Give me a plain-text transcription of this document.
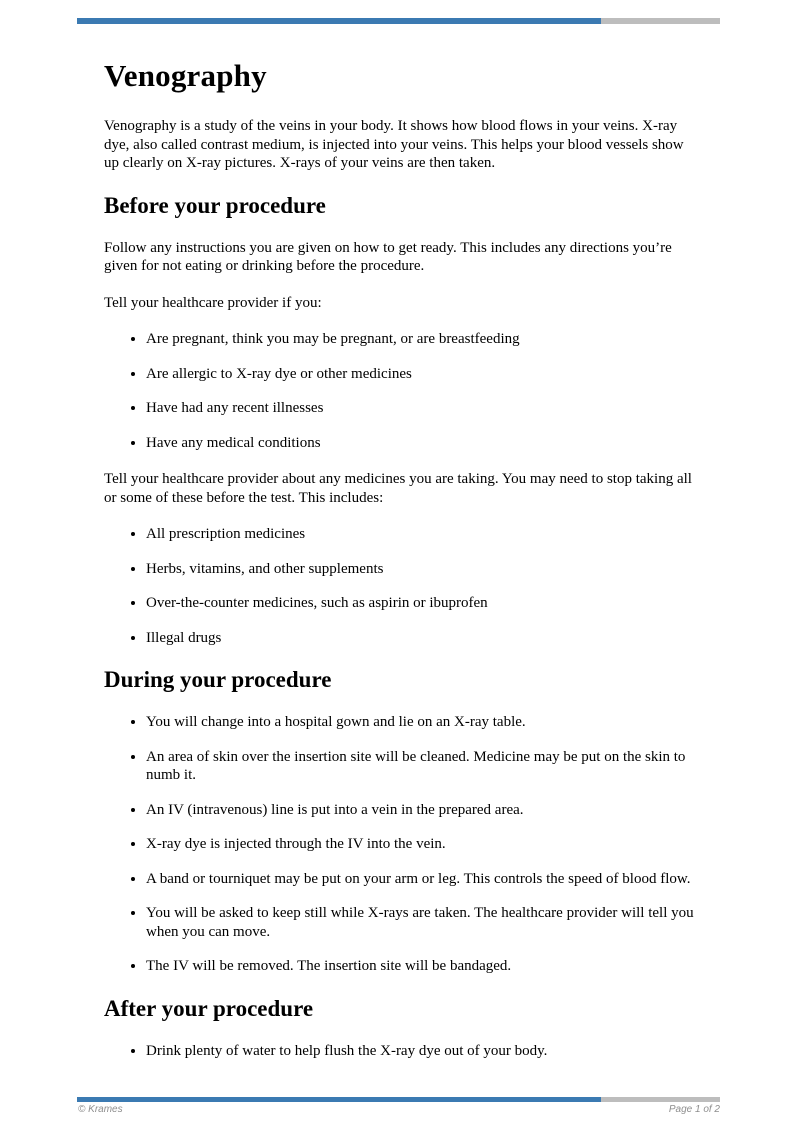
Venography

Venography is a study of the veins in your body. It shows how blood flows in your veins. X-ray dye, also called contrast medium, is injected into your veins. This helps your blood vessels show up clearly on X-ray pictures. X-rays of your veins are then taken.

Before your procedure

Follow any instructions you are given on how to get ready. This includes any directions you’re given for not eating or drinking before the procedure.

Tell your healthcare provider if you:

• Are pregnant, think you may be pregnant, or are breastfeeding
• Are allergic to X-ray dye or other medicines
• Have had any recent illnesses
• Have any medical conditions

Tell your healthcare provider about any medicines you are taking. You may need to stop taking all or some of these before the test. This includes:

• All prescription medicines
• Herbs, vitamins, and other supplements
• Over-the-counter medicines, such as aspirin or ibuprofen
• Illegal drugs
During your procedure
• You will change into a hospital gown and lie on an X-ray table.
• An area of skin over the insertion site will be cleaned. Medicine may be put on the skin to numb it.
• An IV (intravenous) line is put into a vein in the prepared area.
• X-ray dye is injected through the IV into the vein.
• A band or tourniquet may be put on your arm or leg. This controls the speed of blood flow.
• You will be asked to keep still while X-rays are taken. The healthcare provider will tell you when you can move.
• The IV will be removed. The insertion site will be bandaged.
After your procedure
• Drink plenty of water to help flush the X-ray dye out of your body.
© Krames	Page 1 of 2
